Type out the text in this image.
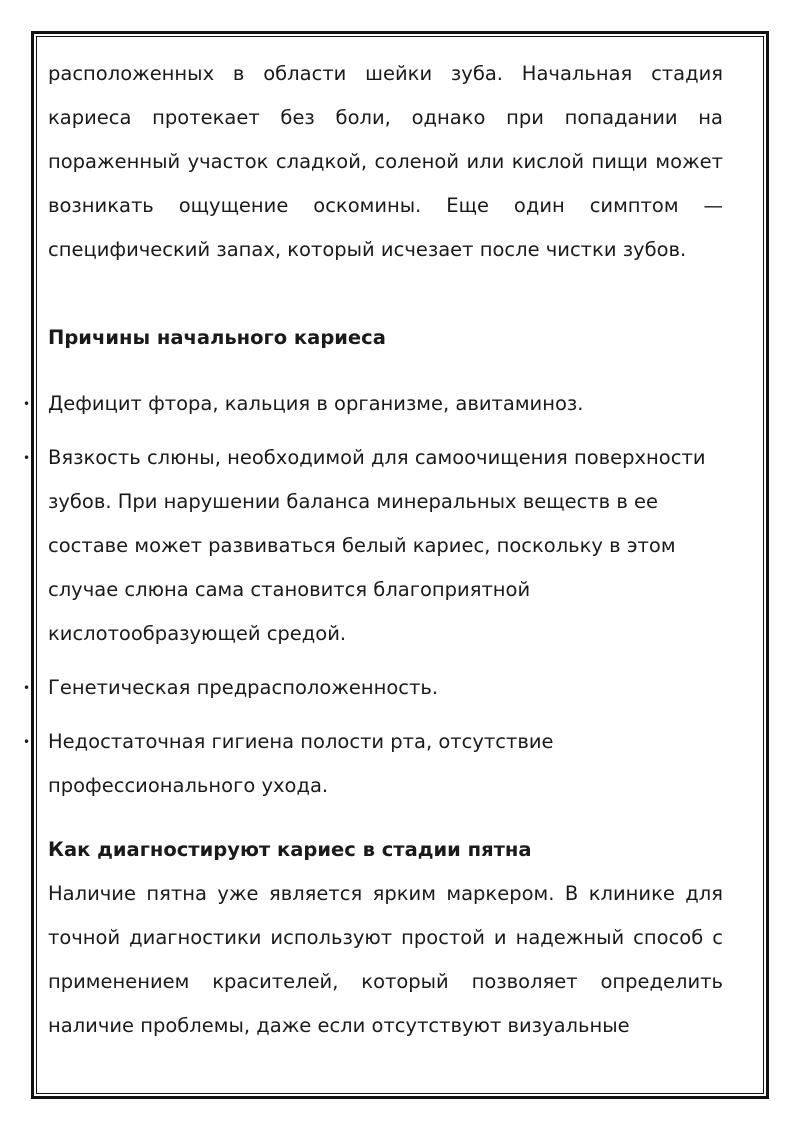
расположенных в области шейки зуба. Начальная стадия кариеса протекает без боли, однако при попадании на пораженный участок сладкой, соленой или кислой пищи может возникать ощущение оскомины. Еще один симптом — специфический запах, который исчезает после чистки зубов.

Причины начального кариеса
• Дефицит фтора, кальция в организме, авитаминоз.
• Вязкость слюны, необходимой для самоочищения поверхности зубов. При нарушении баланса минеральных веществ в ее составе может развиваться белый кариес, поскольку в этом случае слюна сама становится благоприятной кислотообразующей средой.
• Генетическая предрасположенность.
• Недостаточная гигиена полости рта, отсутствие профессионального ухода.
Как диагностируют кариес в стадии пятна

Наличие пятна уже является ярким маркером. В клинике для точной диагностики используют простой и надежный способ с применением красителей, который позволяет определить наличие проблемы, даже если отсутствуют визуальные
